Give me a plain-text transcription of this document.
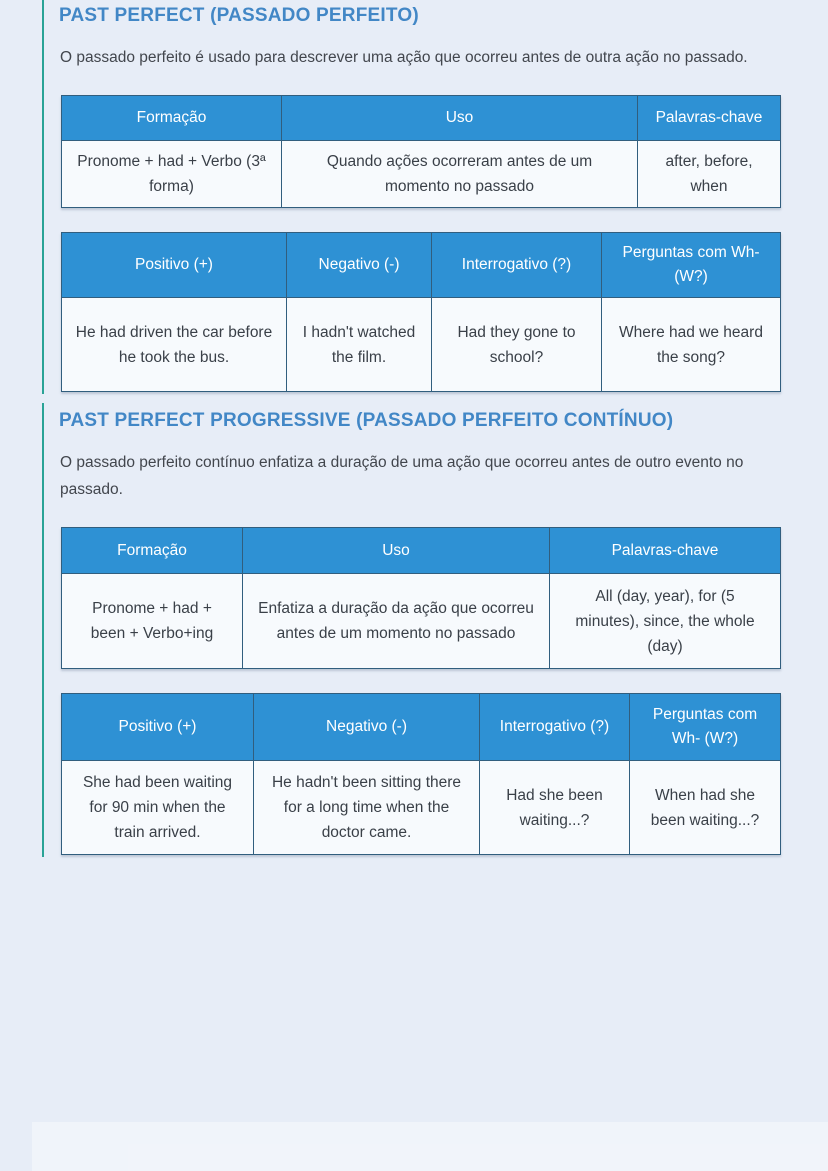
PAST PERFECT (PASSADO PERFEITO)

O passado perfeito é usado para descrever uma ação que ocorreu antes de outra ação no passado.

Formação	Uso	Palavras-chave
Pronome + had + Verbo (3ª forma)	Quando ações ocorreram antes de um momento no passado	after, before, when
Positivo (+)	Negativo (-)	Interrogativo (?)	Perguntas com Wh- (W?)
He had driven the car before he took the bus.	I hadn't watched the film.	Had they gone to school?	Where had we heard the song?
PAST PERFECT PROGRESSIVE (PASSADO PERFEITO CONTÍNUO)

O passado perfeito contínuo enfatiza a duração de uma ação que ocorreu antes de outro evento no passado.

Formação	Uso	Palavras-chave
Pronome + had + been + Verbo+ing	Enfatiza a duração da ação que ocorreu antes de um momento no passado	All (day, year), for (5 minutes), since, the whole (day)
Positivo (+)	Negativo (-)	Interrogativo (?)	Perguntas com Wh- (W?)
She had been waiting for 90 min when the train arrived.	He hadn't been sitting there for a long time when the doctor came.	Had she been waiting...?	When had she been waiting...?
